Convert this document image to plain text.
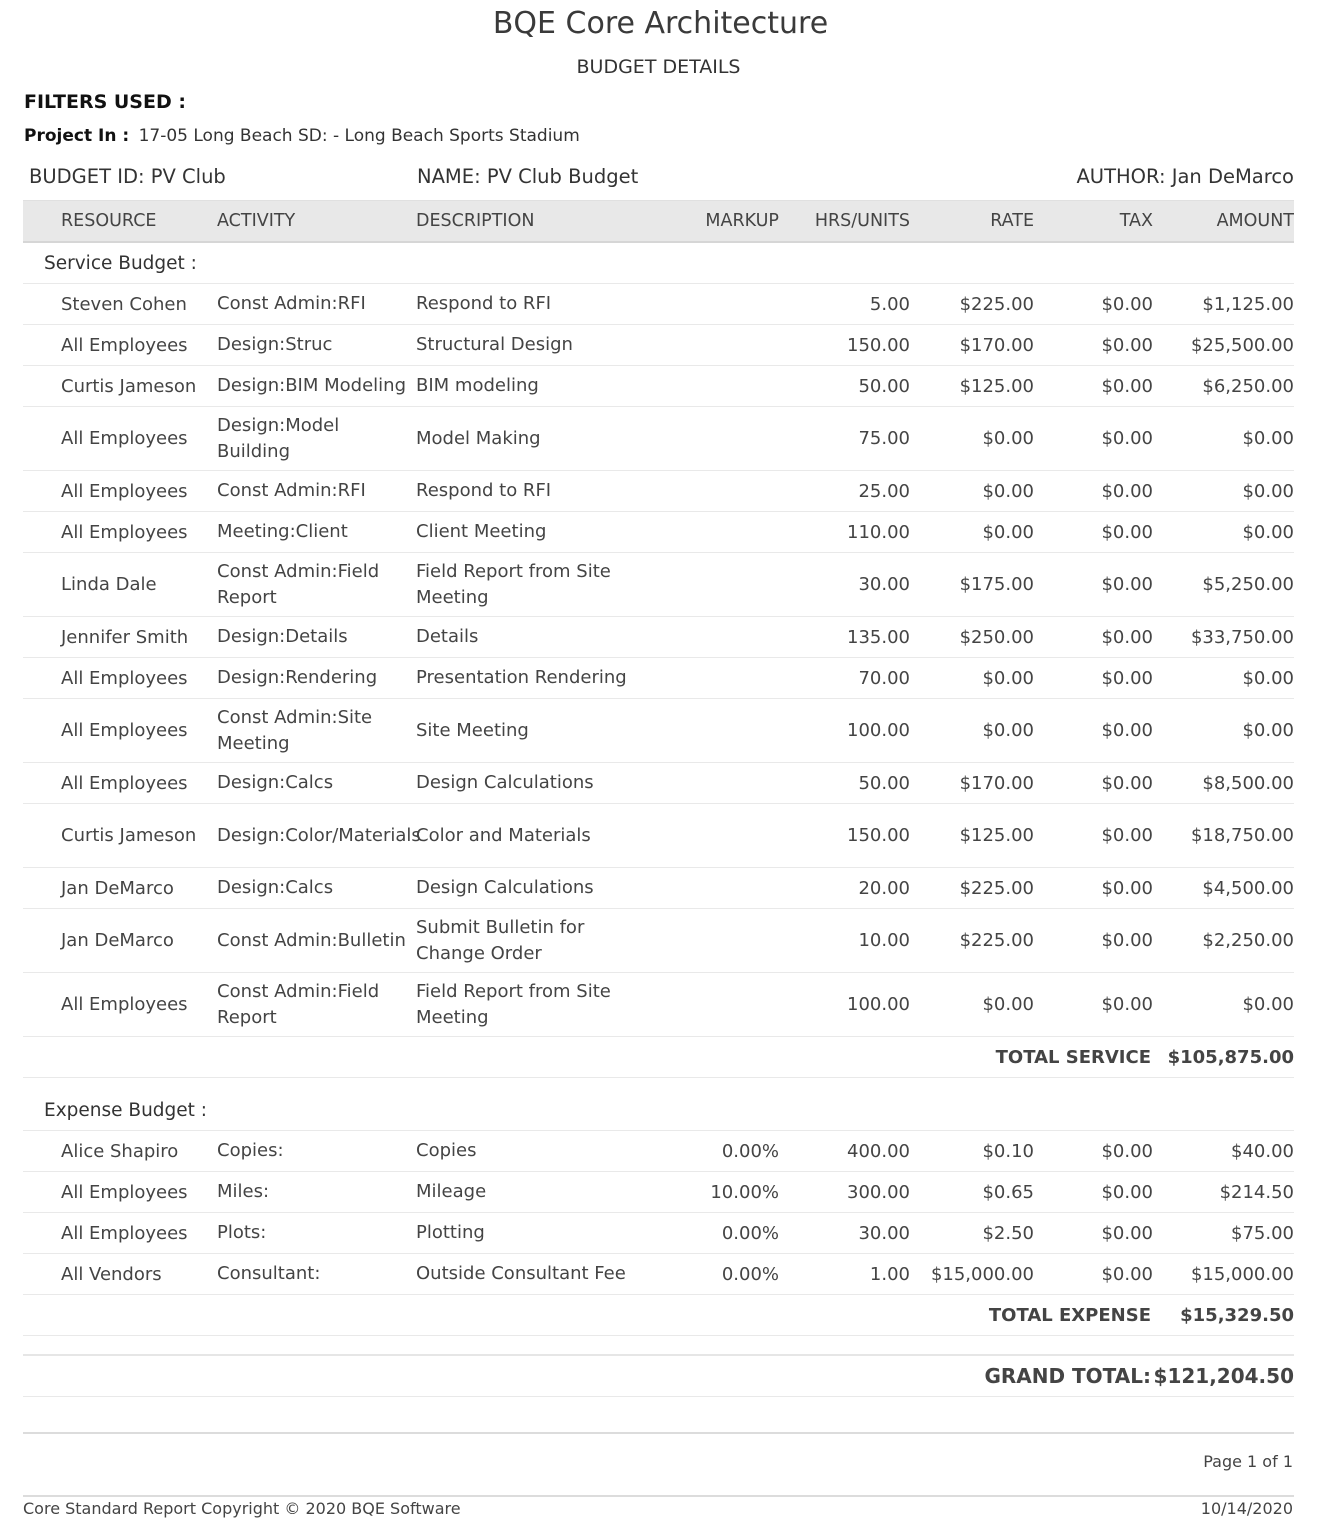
BQE Core Architecture
BUDGET DETAILS
FILTERS USED :
Project In : 17-05 Long Beach SD: - Long Beach Sports Stadium
BUDGET ID: PV Club	NAME: PV Club Budget	AUTHOR: Jan DeMarco
RESOURCE	ACTIVITY	DESCRIPTION	MARKUP	HRS/UNITS	RATE	TAX	AMOUNT
Service Budget :							
Steven Cohen	Const Admin:RFI	Respond to RFI		5.00	$225.00	$0.00	$1,125.00
All Employees	Design:Struc	Structural Design		150.00	$170.00	$0.00	$25,500.00
Curtis Jameson	Design:BIM Modeling	BIM modeling		50.00	$125.00	$0.00	$6,250.00
All Employees	Design:Model Building	Model Making		75.00	$0.00	$0.00	$0.00
All Employees	Const Admin:RFI	Respond to RFI		25.00	$0.00	$0.00	$0.00
All Employees	Meeting:Client	Client Meeting		110.00	$0.00	$0.00	$0.00
Linda Dale	Const Admin:Field Report	Field Report from Site Meeting		30.00	$175.00	$0.00	$5,250.00
Jennifer Smith	Design:Details	Details		135.00	$250.00	$0.00	$33,750.00
All Employees	Design:Rendering	Presentation Rendering		70.00	$0.00	$0.00	$0.00
All Employees	Const Admin:Site Meeting	Site Meeting		100.00	$0.00	$0.00	$0.00
All Employees	Design:Calcs	Design Calculations		50.00	$170.00	$0.00	$8,500.00
Curtis Jameson	Design:Color/Materials	Color and Materials		150.00	$125.00	$0.00	$18,750.00
Jan DeMarco	Design:Calcs	Design Calculations		20.00	$225.00	$0.00	$4,500.00
Jan DeMarco	Const Admin:Bulletin	Submit Bulletin for Change Order		10.00	$225.00	$0.00	$2,250.00
All Employees	Const Admin:Field Report	Field Report from Site Meeting		100.00	$0.00	$0.00	$0.00
TOTAL SERVICE							$105,875.00

Expense Budget :							
Alice Shapiro	Copies:	Copies	0.00%	400.00	$0.10	$0.00	$40.00
All Employees	Miles:	Mileage	10.00%	300.00	$0.65	$0.00	$214.50
All Employees	Plots:	Plotting	0.00%	30.00	$2.50	$0.00	$75.00
All Vendors	Consultant:	Outside Consultant Fee	0.00%	1.00	$15,000.00	$0.00	$15,000.00
TOTAL EXPENSE							$15,329.50

GRAND TOTAL:							$121,204.50
Page 1 of 1
Core Standard Report Copyright © 2020 BQE Software	10/14/2020
